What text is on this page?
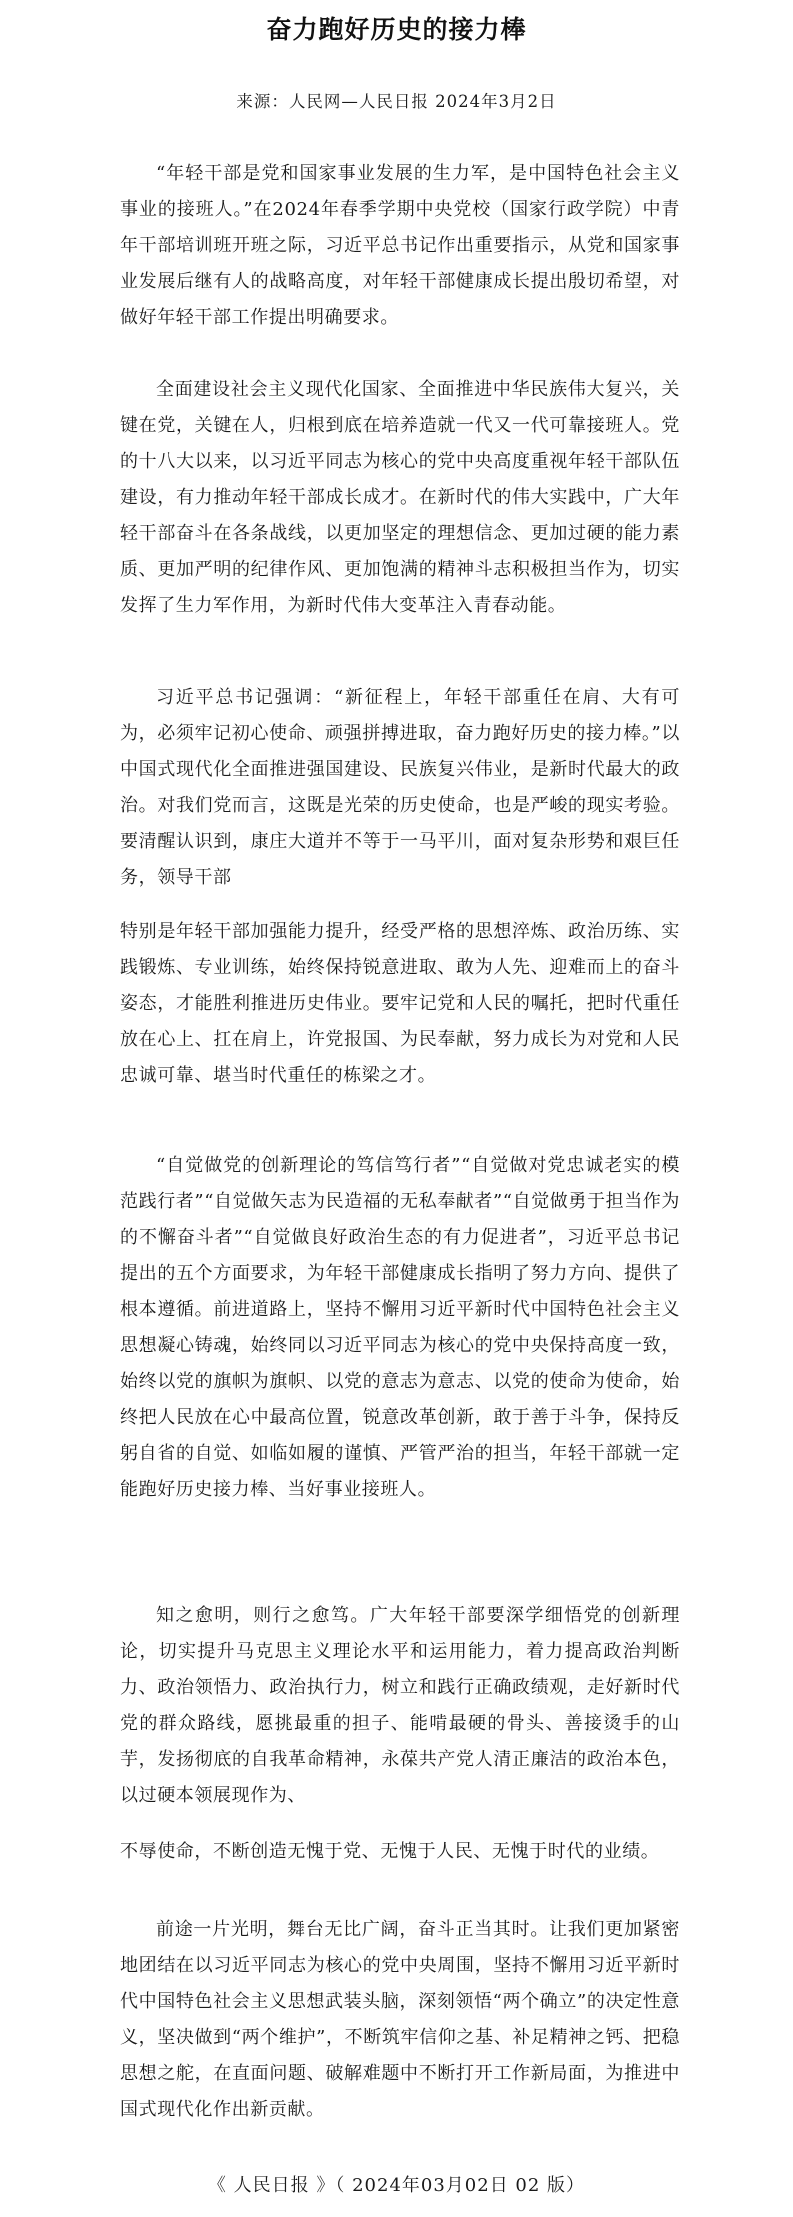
奋力跑好历史的接力棒
来源：人民网—人民日报 2024年3月2日

“年轻干部是党和国家事业发展的生力军，是中国特色社会主义事业的接班人。”在2024年春季学期中央党校（国家行政学院）中青年干部培训班开班之际，习近平总书记作出重要指示，从党和国家事业发展后继有人的战略高度，对年轻干部健康成长提出殷切希望，对做好年轻干部工作提出明确要求。

全面建设社会主义现代化国家、全面推进中华民族伟大复兴，关键在党，关键在人，归根到底在培养造就一代又一代可靠接班人。党的十八大以来，以习近平同志为核心的党中央高度重视年轻干部队伍建设，有力推动年轻干部成长成才。在新时代的伟大实践中，广大年轻干部奋斗在各条战线，以更加坚定的理想信念、更加过硬的能力素质、更加严明的纪律作风、更加饱满的精神斗志积极担当作为，切实发挥了生力军作用，为新时代伟大变革注入青春动能。

习近平总书记强调：“新征程上，年轻干部重任在肩、大有可为，必须牢记初心使命、顽强拼搏进取，奋力跑好历史的接力棒。”以中国式现代化全面推进强国建设、民族复兴伟业，是新时代最大的政治。对我们党而言，这既是光荣的历史使命，也是严峻的现实考验。要清醒认识到，康庄大道并不等于一马平川，面对复杂形势和艰巨任务，领导干部

特别是年轻干部加强能力提升，经受严格的思想淬炼、政治历练、实践锻炼、专业训练，始终保持锐意进取、敢为人先、迎难而上的奋斗姿态，才能胜利推进历史伟业。要牢记党和人民的嘱托，把时代重任放在心上、扛在肩上，许党报国、为民奉献，努力成长为对党和人民忠诚可靠、堪当时代重任的栋梁之才。

“自觉做党的创新理论的笃信笃行者”“自觉做对党忠诚老实的模范践行者”“自觉做矢志为民造福的无私奉献者”“自觉做勇于担当作为的不懈奋斗者”“自觉做良好政治生态的有力促进者”，习近平总书记提出的五个方面要求，为年轻干部健康成长指明了努力方向、提供了根本遵循。前进道路上，坚持不懈用习近平新时代中国特色社会主义思想凝心铸魂，始终同以习近平同志为核心的党中央保持高度一致，始终以党的旗帜为旗帜、以党的意志为意志、以党的使命为使命，始终把人民放在心中最高位置，锐意改革创新，敢于善于斗争，保持反躬自省的自觉、如临如履的谨慎、严管严治的担当，年轻干部就一定能跑好历史接力棒、当好事业接班人。

知之愈明，则行之愈笃。广大年轻干部要深学细悟党的创新理论，切实提升马克思主义理论水平和运用能力，着力提高政治判断力、政治领悟力、政治执行力，树立和践行正确政绩观，走好新时代党的群众路线，愿挑最重的担子、能啃最硬的骨头、善接烫手的山芋，发扬彻底的自我革命精神，永葆共产党人清正廉洁的政治本色，以过硬本领展现作为、

不辱使命，不断创造无愧于党、无愧于人民、无愧于时代的业绩。

前途一片光明，舞台无比广阔，奋斗正当其时。让我们更加紧密地团结在以习近平同志为核心的党中央周围，坚持不懈用习近平新时代中国特色社会主义思想武装头脑，深刻领悟“两个确立”的决定性意义，坚决做到“两个维护”，不断筑牢信仰之基、补足精神之钙、把稳思想之舵，在直面问题、破解难题中不断打开工作新局面，为推进中国式现代化作出新贡献。

《 人民日报 》（ 2024年03月02日 02 版）
